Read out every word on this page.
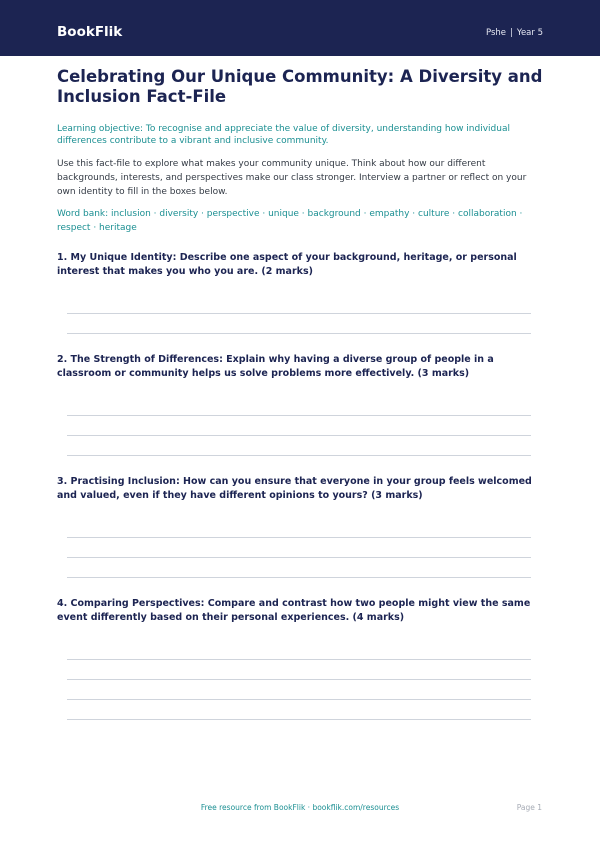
BookFlik	Pshe | Year 5
Celebrating Our Unique Community: A Diversity and Inclusion Fact-File

Learning objective: To recognise and appreciate the value of diversity, understanding how individual differences contribute to a vibrant and inclusive community.

Use this fact-file to explore what makes your community unique. Think about how our different backgrounds, interests, and perspectives make our class stronger. Interview a partner or reflect on your own identity to fill in the boxes below.

Word bank: inclusion · diversity · perspective · unique · background · empathy · culture · collaboration · respect · heritage

1. My Unique Identity: Describe one aspect of your background, heritage, or personal interest that makes you who you are. (2 marks)

2. The Strength of Differences: Explain why having a diverse group of people in a classroom or community helps us solve problems more effectively. (3 marks)

3. Practising Inclusion: How can you ensure that everyone in your group feels welcomed and valued, even if they have different opinions to yours? (3 marks)

4. Comparing Perspectives: Compare and contrast how two people might view the same event differently based on their personal experiences. (4 marks)

Free resource from BookFlik · bookflik.com/resources	Page 1
